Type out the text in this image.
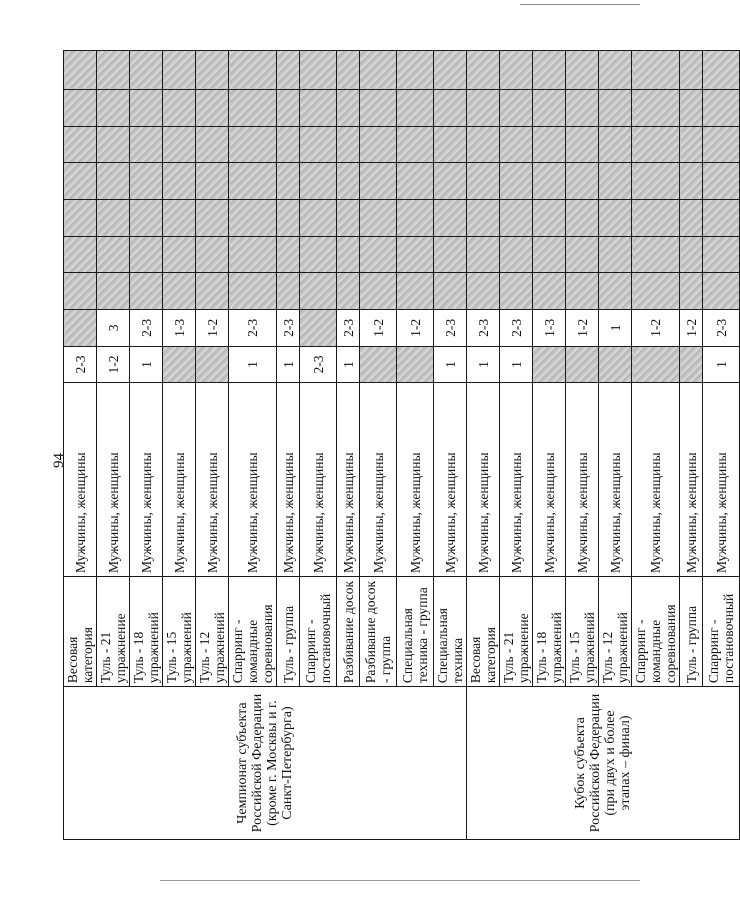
94
Чемпионат субъекта Российской Федерации (кроме г. Москвы и г. Санкт-Петербурга)	Весовая категория	Мужчины, женщины	2-3								
	Туль - 21 упражнение	Мужчины, женщины	1-2	3							
	Туль - 18 упражнений	Мужчины, женщины	1	2-3							
	Туль - 15 упражнений	Мужчины, женщины		1-3							
	Туль - 12 упражнений	Мужчины, женщины		1-2							
	Спарринг - командные соревнования	Мужчины, женщины	1	2-3							
	Туль - группа	Мужчины, женщины	1	2-3							
	Спарринг - постановочный	Мужчины, женщины	2-3								
	Разбивание досок	Мужчины, женщины	1	2-3							
	Разбивание досок - группа	Мужчины, женщины		1-2							
	Специальная техника - группа	Мужчины, женщины		1-2							
	Специальная техника	Мужчины, женщины	1	2-3							
Кубок субъекта Российской Федерации (при двух и более этапах – финал)	Весовая категория	Мужчины, женщины	1	2-3							
	Туль - 21 упражнение	Мужчины, женщины	1	2-3							
	Туль - 18 упражнений	Мужчины, женщины		1-3							
	Туль - 15 упражнений	Мужчины, женщины		1-2							
	Туль - 12 упражнений	Мужчины, женщины		1							
	Спарринг - командные соревнования	Мужчины, женщины		1-2							
	Туль - группа	Мужчины, женщины		1-2							
	Спарринг - постановочный	Мужчины, женщины	1	2-3							
